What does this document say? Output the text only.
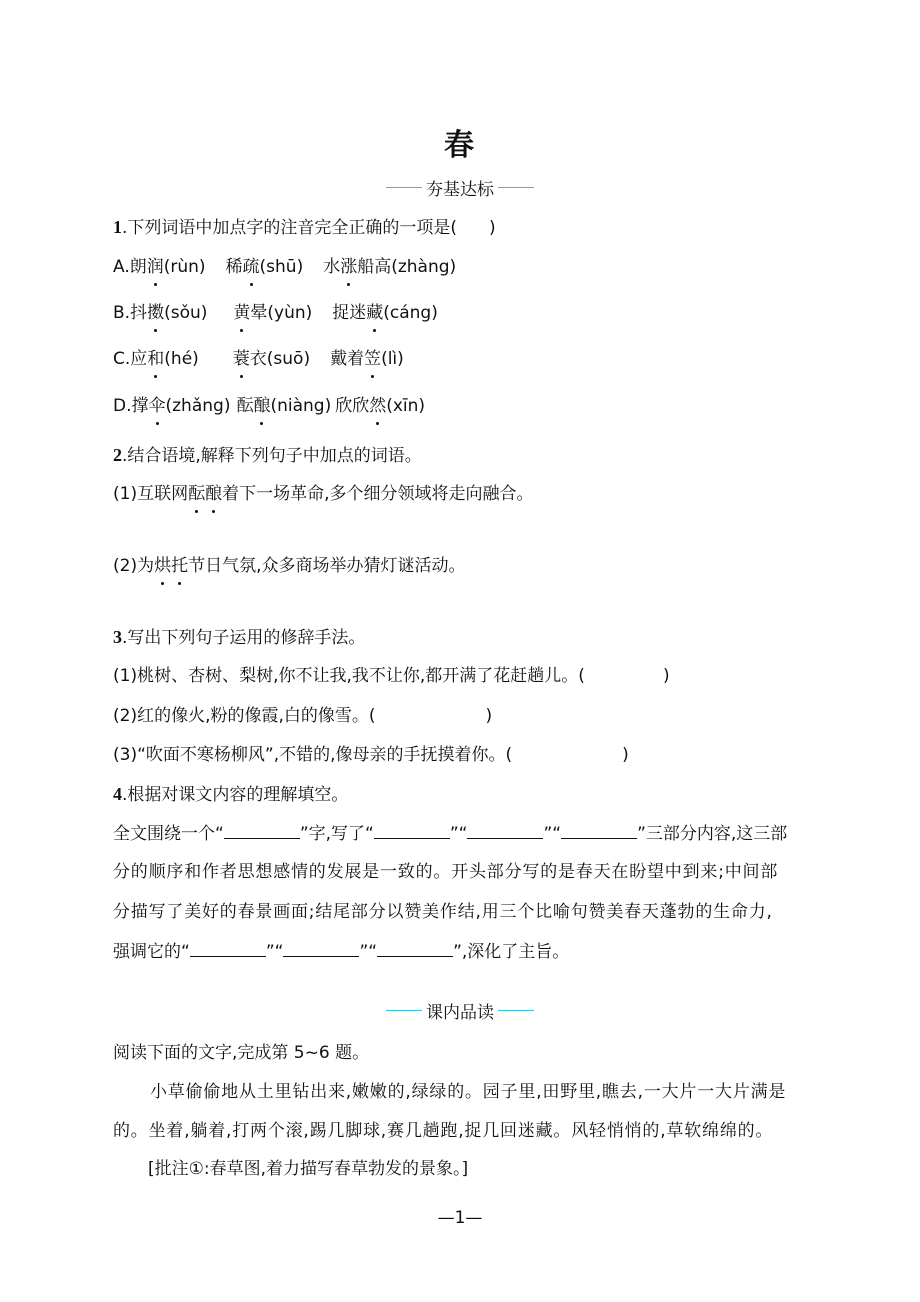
春
夯基达标
1.下列词语中加点字的注音完全正确的一项是( )
A.朗润(rùn) 稀疏(shū) 水涨船高(zhàng)
B.抖擞(sǒu) 黄晕(yùn) 捉迷藏(cáng)
C.应和(hé) 蓑衣(suō) 戴着笠(lì)
D.撑伞(zhǎng) 酝酿(niàng) 欣欣然(xīn)
2.结合语境,解释下列句子中加点的词语。
(1)互联网酝酿着下一场革命,多个细分领域将走向融合。
(2)为烘托节日气氛,众多商场举办猜灯谜活动。
3.写出下列句子运用的修辞手法。
(1)桃树、杏树、梨树,你不让我,我不让你,都开满了花赶趟儿。(	)
(2)红的像火,粉的像霞,白的像雪。(	)
(3)“吹面不寒杨柳风”,不错的,像母亲的手抚摸着你。(	)
4.根据对课文内容的理解填空。
全文围绕一个“	”字,写了“	”“	”“	”三部分内容,这三部
分的顺序和作者思想感情的发展是一致的。开头部分写的是春天在盼望中到来;中间部
分描写了美好的春景画面;结尾部分以赞美作结,用三个比喻句赞美春天蓬勃的生命力,
强调它的“	”“	”“	”,深化了主旨。
课内品读
阅读下面的文字,完成第 5~6 题。
小草偷偷地从土里钻出来,嫩嫩的,绿绿的。园子里,田野里,瞧去,一大片一大片满是
的。坐着,躺着,打两个滚,踢几脚球,赛几趟跑,捉几回迷藏。风轻悄悄的,草软绵绵的。
[批注①:春草图,着力描写春草勃发的景象。]
—1—
